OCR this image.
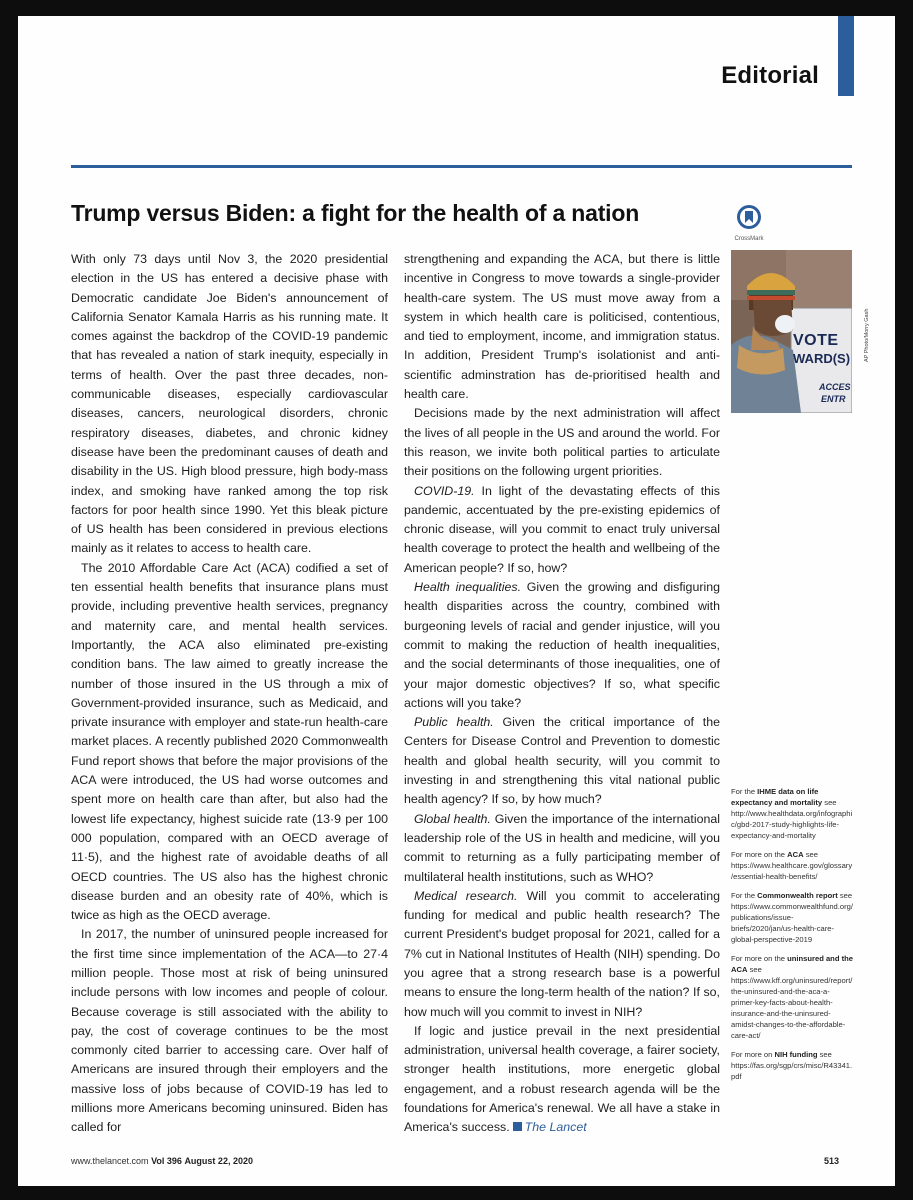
Editorial
Trump versus Biden: a fight for the health of a nation
CrossMark

With only 73 days until Nov 3, the 2020 presidential election in the US has entered a decisive phase with Democratic candidate Joe Biden's announcement of California Senator Kamala Harris as his running mate. It comes against the backdrop of the COVID-19 pandemic that has revealed a nation of stark inequity, especially in terms of health. Over the past three decades, non-communicable diseases, especially cardiovascular diseases, cancers, neurological disorders, chronic respiratory diseases, diabetes, and chronic kidney disease have been the predominant causes of death and disability in the US. High blood pressure, high body-mass index, and smoking have ranked among the top risk factors for poor health since 1990. Yet this bleak picture of US health has been considered in previous elections mainly as it relates to access to health care.

The 2010 Affordable Care Act (ACA) codified a set of ten essential health benefits that insurance plans must provide, including preventive health services, pregnancy and maternity care, and mental health services. Importantly, the ACA also eliminated pre-existing condition bans. The law aimed to greatly increase the number of those insured in the US through a mix of Government-provided insurance, such as Medicaid, and private insurance with employer and state-run health-care market places. A recently published 2020 Commonwealth Fund report shows that before the major provisions of the ACA were introduced, the US had worse outcomes and spent more on health care than after, but also had the lowest life expectancy, highest suicide rate (13·9 per 100 000 population, compared with an OECD average of 11·5), and the highest rate of avoidable deaths of all OECD countries. The US also has the highest chronic disease burden and an obesity rate of 40%, which is twice as high as the OECD average.

In 2017, the number of uninsured people increased for the first time since implementation of the ACA—to 27·4 million people. Those most at risk of being uninsured include persons with low incomes and people of colour. Because coverage is still associated with the ability to pay, the cost of coverage continues to be the most commonly cited barrier to accessing care. Over half of Americans are insured through their employers and the massive loss of jobs because of COVID-19 has led to millions more Americans becoming uninsured. Biden has called for

strengthening and expanding the ACA, but there is little incentive in Congress to move towards a single-provider health-care system. The US must move away from a system in which health care is politicised, contentious, and tied to employment, income, and immigration status. In addition, President Trump's isolationist and anti-scientific adminstration has de-prioritised health and health care.

Decisions made by the next administration will affect the lives of all people in the US and around the world. For this reason, we invite both political parties to articulate their positions on the following urgent priorities.

COVID-19. In light of the devastating effects of this pandemic, accentuated by the pre-existing epidemics of chronic disease, will you commit to enact truly universal health coverage to protect the health and wellbeing of the American people? If so, how?

Health inequalities. Given the growing and disfiguring health disparities across the country, combined with burgeoning levels of racial and gender injustice, will you commit to making the reduction of health inequalities, and the social determinants of those inequalities, one of your major domestic objectives? If so, what specific actions will you take?

Public health. Given the critical importance of the Centers for Disease Control and Prevention to domestic health and global health security, will you commit to investing in and strengthening this vital national public health agency? If so, by how much?

Global health. Given the importance of the international leadership role of the US in health and medicine, will you commit to returning as a fully participating member of multilateral health institutions, such as WHO?

Medical research. Will you commit to accelerating funding for medical and public health research? The current President's budget proposal for 2021, called for a 7% cut in National Institutes of Health (NIH) spending. Do you agree that a strong research base is a powerful means to ensure the long-term health of the nation? If so, how much will you commit to invest in NIH?

If logic and justice prevail in the next presidential administration, universal health coverage, a fairer society, stronger health institutions, more energetic global engagement, and a robust research agenda will be the foundations for America's renewal. We all have a stake in America's success. The Lancet

VOTE
WARD(S)
ACCES
ENTR
AP Photo/Morry Gash
For the IHME data on life expectancy and mortality see http://www.healthdata.org/infographic/gbd-2017-study-highlights-life-expectancy-and-mortality
For more on the ACA see https://www.healthcare.gov/glossary/essential-health-benefits/
For the Commonwealth report see https://www.commonwealthfund.org/publications/issue-briefs/2020/jan/us-health-care-global-perspective-2019
For more on the uninsured and the ACA see https://www.kff.org/uninsured/report/the-uninsured-and-the-aca-a-primer-key-facts-about-health-insurance-and-the-uninsured-amidst-changes-to-the-affordable-care-act/
For more on NIH funding see https://fas.org/sgp/crs/misc/R43341.pdf
www.thelancet.com Vol 396 August 22, 2020	513
